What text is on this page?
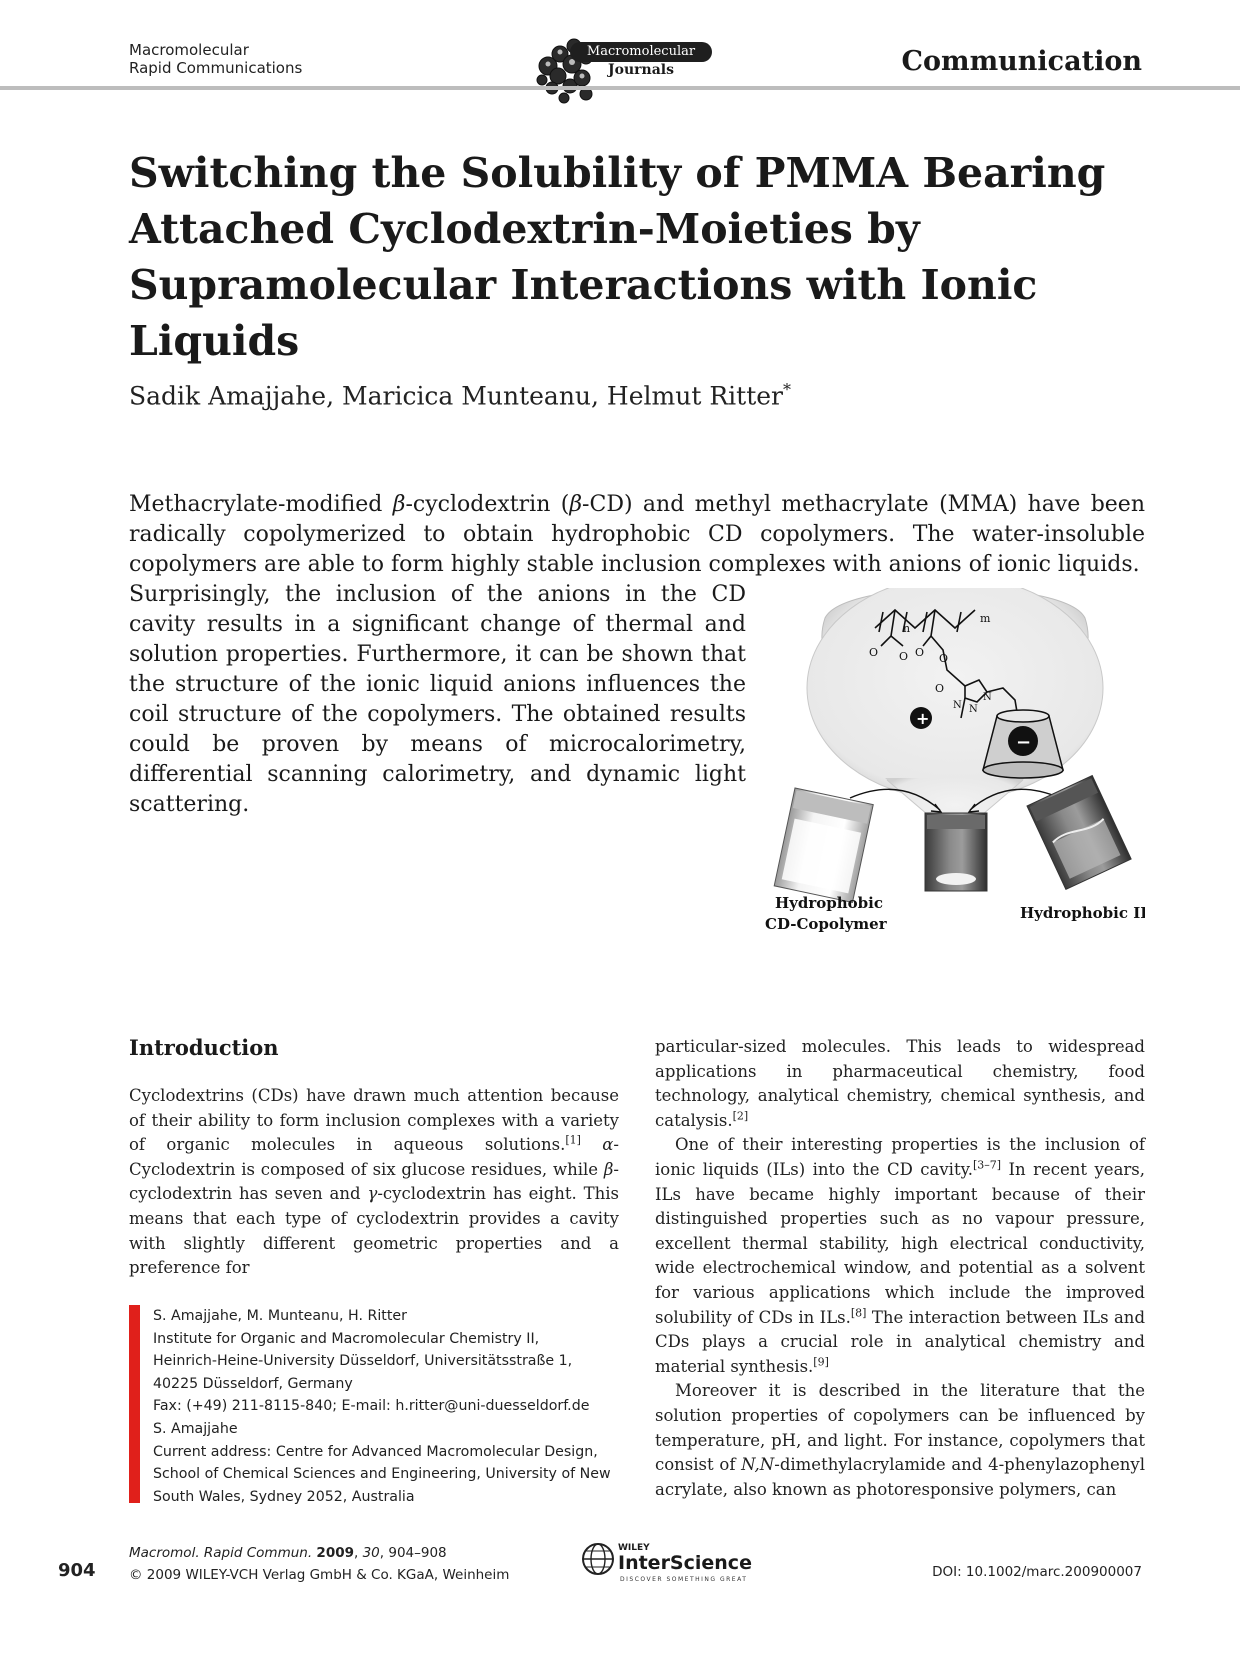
Macromolecular
Rapid Communications
Macromolecular
Journals	Communication
Switching the Solubility of PMMA Bearing
Attached Cyclodextrin-Moieties by
Supramolecular Interactions with Ionic Liquids
Sadik Amajjahe, Maricica Munteanu, Helmut Ritter*
Methacrylate-modified β-cyclodextrin (β-CD) and methyl methacrylate (MMA) have been radically copolymerized to obtain hydrophobic CD copolymers. The water-insoluble copolymers are able to form highly stable inclusion complexes with anions of ionic liquids.
Surprisingly, the inclusion of the anions in the CD cavity results in a significant change of thermal and solution properties. Furthermore, it can be shown that the structure of the ionic liquid anions influences the coil structure of the copolymers. The obtained results could be proven by means of microcalorimetry, differential scanning calorimetry, and dynamic light scattering.
n
m
O O O O
O
N N
N
+
−
Hydrophobic
CD-Copolymer
Hydrophobic IL
Introduction

Cyclodextrins (CDs) have drawn much attention because of their ability to form inclusion complexes with a variety of organic molecules in aqueous solutions.[1] α-Cyclodextrin is composed of six glucose residues, while β-cyclodextrin has seven and γ-cyclodextrin has eight. This means that each type of cyclodextrin provides a cavity with slightly different geometric properties and a preference for

S. Amajjahe, M. Munteanu, H. Ritter
Institute for Organic and Macromolecular Chemistry II,
Heinrich-Heine-University Düsseldorf, Universitätsstraße 1,
40225 Düsseldorf, Germany
Fax: (+49) 211-8115-840; E-mail: h.ritter@uni-duesseldorf.de
S. Amajjahe
Current address: Centre for Advanced Macromolecular Design,
School of Chemical Sciences and Engineering, University of New
South Wales, Sydney 2052, Australia

particular-sized molecules. This leads to widespread applications in pharmaceutical chemistry, food technology, analytical chemistry, chemical synthesis, and catalysis.[2]

One of their interesting properties is the inclusion of ionic liquids (ILs) into the CD cavity.[3–7] In recent years, ILs have became highly important because of their distinguished properties such as no vapour pressure, excellent thermal stability, high electrical conductivity, wide electrochemical window, and potential as a solvent for various applications which include the improved solubility of CDs in ILs.[8] The interaction between ILs and CDs plays a crucial role in analytical chemistry and material synthesis.[9]

Moreover it is described in the literature that the solution properties of copolymers can be influenced by temperature, pH, and light. For instance, copolymers that consist of N,N-dimethylacrylamide and 4-phenylazophenyl acrylate, also known as photoresponsive polymers, can

904
Macromol. Rapid Commun. 2009, 30, 904–908
© 2009 WILEY-VCH Verlag GmbH & Co. KGaA, Weinheim
WILEY
InterScience
DISCOVER SOMETHING GREAT	DOI: 10.1002/marc.200900007
